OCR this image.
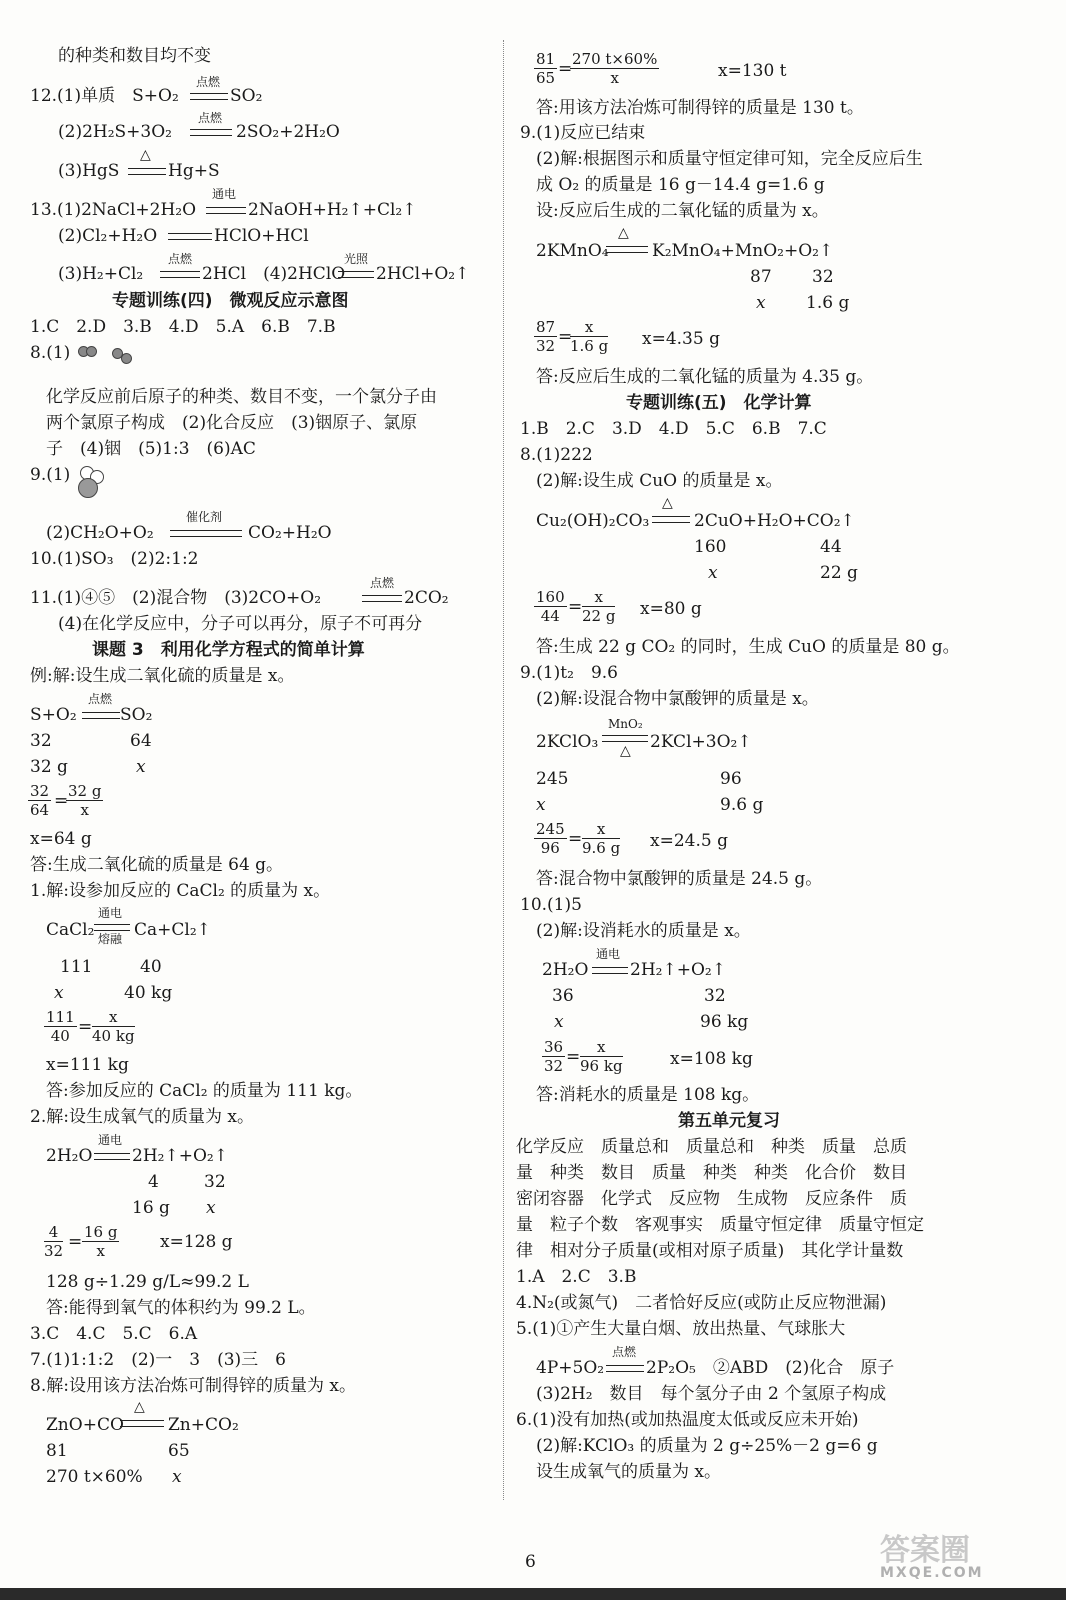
的种类和数目均不变
12.(1)单质　S+O₂
点燃
SO₂
(2)2H₂S+3O₂
点燃
2SO₂+2H₂O
(3)HgS
△
Hg+S
13.(1)2NaCl+2H₂O
通电
2NaOH+H₂↑+Cl₂↑
(2)Cl₂+H₂O	HClO+HCl
(3)H₂+Cl₂
点燃
2HCl　(4)2HClO
光照
2HCl+O₂↑
专题训练(四)　微观反应示意图
1.C　2.D　3.B　4.D　5.A　6.B　7.B
8.(1)
化学反应前后原子的种类、数目不变，一个氯分子由
两个氯原子构成　(2)化合反应　(3)铟原子、氯原
子　(4)铟　(5)1:3　(6)AC
9.(1)
(2)CH₂O+O₂
催化剂
CO₂+H₂O
10.(1)SO₃　(2)2:1:2
11.(1)④⑤　(2)混合物　(3)2CO+O₂
点燃
2CO₂
(4)在化学反应中，分子可以再分，原子不可再分
课题 3　利用化学方程式的简单计算
例:解:设生成二氧化硫的质量是 x。
S+O₂
点燃
SO₂
32	64
32 g	x
$\frac{32}{64}$ =
$\frac{32 g}{x}$
x=64 g
答:生成二氧化硫的质量是 64 g。
1.解:设参加反应的 CaCl₂ 的质量为 x。
CaCl₂
通电
熔融 Ca+Cl₂↑
111	40
x	40 kg
$\frac{111}{40} = \frac{x}{40 kg}$
x=111 kg
答:参加反应的 CaCl₂ 的质量为 111 kg。
2.解:设生成氧气的质量为 x。
2H₂O
通电
2H₂↑+O₂↑
4	32
16 g x
$\frac{4}{32} = \frac{16 g}{x} x=128$ g
128 g÷1.29 g/L≈99.2 L
答:能得到氧气的体积约为 99.2 L。
3.C　4.C　5.C　6.A
7.(1)1:1:2　(2)一　3　(3)三　6
8.解:设用该方法冶炼可制得锌的质量为 x。
ZnO+CO
△
Zn+CO₂
81	65
270 t×60% x
$\frac{81}{65}$ =
$\frac{270 t\times 60\%}{x}$	x=130 t
答:用该方法冶炼可制得锌的质量是 130 t。
9.(1)反应已结束
(2)解:根据图示和质量守恒定律可知，完全反应后生
成 O₂ 的质量是 16 g－14.4 g=1.6 g
设:反应后生成的二氧化锰的质量为 x。
2KMnO₄
△
K₂MnO₄+MnO₂+O₂↑
87 32
x 1.6 g
$\frac{87}{32}$ =
$\frac{x}{1.6 g} x=4.35$ g
答:反应后生成的二氧化锰的质量为 4.35 g。
专题训练(五)　化学计算
1.B　2.C　3.D　4.D　5.C　6.B　7.C
8.(1)222
(2)解:设生成 CuO 的质量是 x。
Cu₂(OH)₂CO₃
△
2CuO+H₂O+CO₂↑
160	44
x	22 g
$\frac{160}{44} = \frac{x}{22 g} x=80$ g
答:生成 22 g CO₂ 的同时，生成 CuO 的质量是 80 g。
9.(1)t₂　9.6
(2)解:设混合物中氯酸钾的质量是 x。
2KClO₃
MnO₂
△ 2KCl+3O₂↑
245	96
x	9.6 g
$\frac{245}{96} = \frac{x}{9.6 g} x=24.5$ g
答:混合物中氯酸钾的质量是 24.5 g。
10.(1)5
(2)解:设消耗水的质量是 x。
2H₂O
通电
2H₂↑+O₂↑
36	32
x	96 kg
$\frac{36}{32} = \frac{x}{96 kg}$	x=108 kg
答:消耗水的质量是 108 kg。
第五单元复习
化学反应　质量总和　质量总和　种类　质量　总质
量　种类　数目　质量　种类　种类　化合价　数目
密闭容器　化学式　反应物　生成物　反应条件　质
量　粒子个数　客观事实　质量守恒定律　质量守恒定
律　相对分子质量(或相对原子质量)　其化学计量数
1.A　2.C　3.B
4.N₂(或氮气)　二者恰好反应(或防止反应物泄漏)
5.(1)①产生大量白烟、放出热量、气球胀大
4P+5O₂
点燃
2P₂O₅　②ABD　(2)化合　原子
(3)2H₂　数目　每个氢分子由 2 个氢原子构成
6.(1)没有加热(或加热温度太低或反应未开始)
(2)解:KClO₃ 的质量为 2 g÷25%－2 g=6 g
设生成氧气的质量为 x。
6	答案圈
MXQE.COM
